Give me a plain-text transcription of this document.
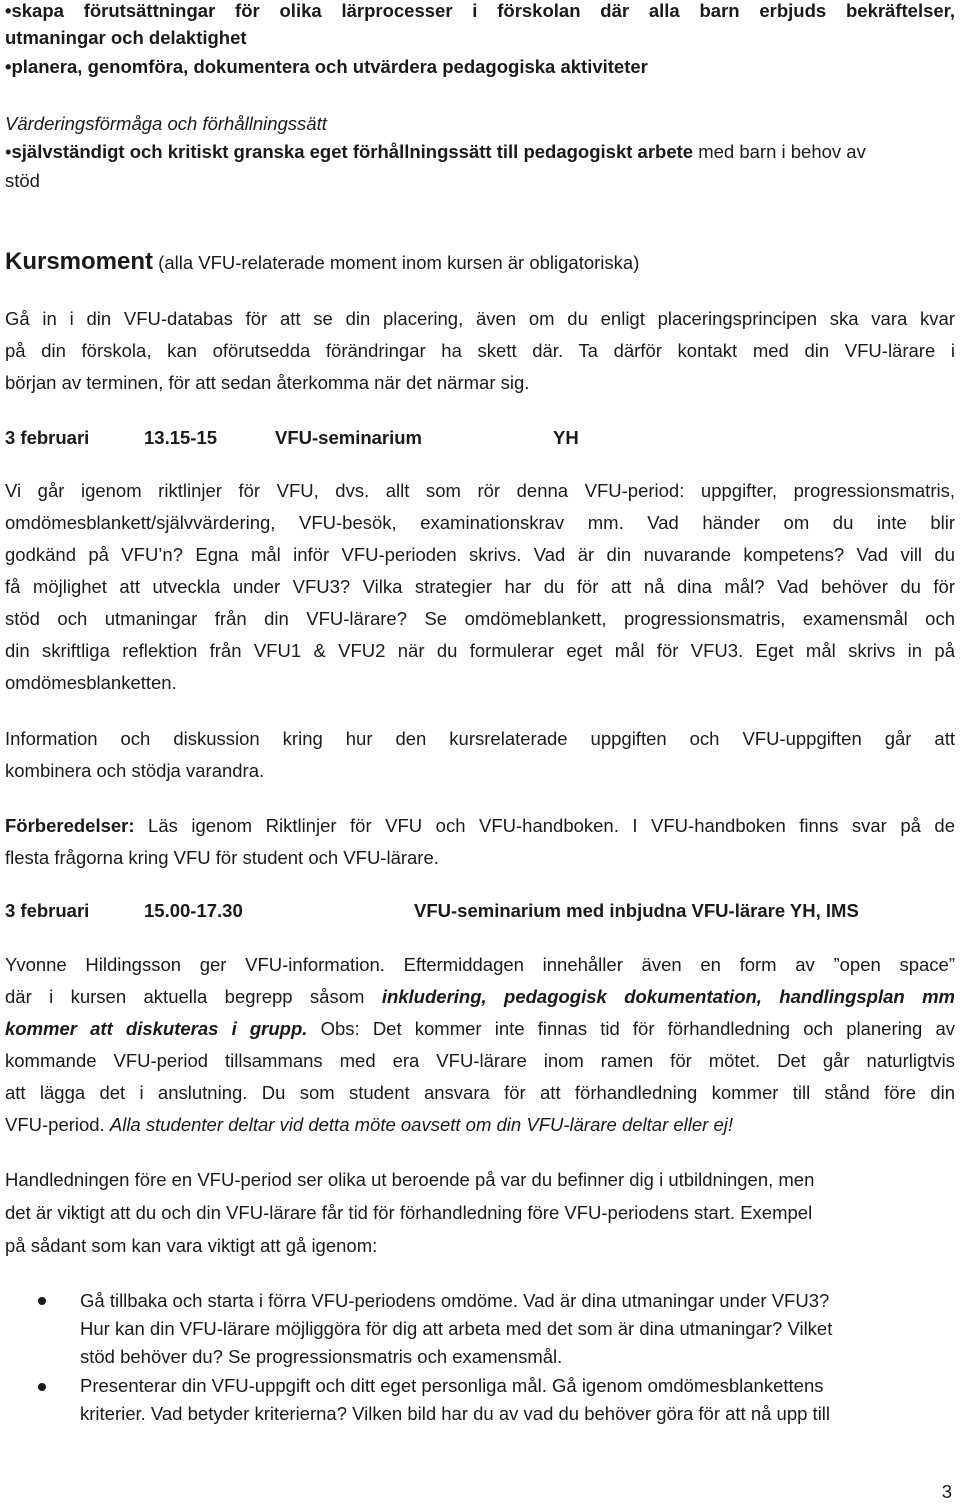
•skapa förutsättningar för olika lärprocesser i förskolan där alla barn erbjuds bekräftelser,
utmaningar och delaktighet
•planera, genomföra, dokumentera och utvärdera pedagogiska aktiviteter
Värderingsförmåga och förhållningssätt
•självständigt och kritiskt granska eget förhållningssätt till pedagogiskt arbete med barn i behov av
stöd
Kursmoment (alla VFU-relaterade moment inom kursen är obligatoriska)
Gå in i din VFU-databas för att se din placering, även om du enligt placeringsprincipen ska vara kvar
på din förskola, kan oförutsedda förändringar ha skett där. Ta därför kontakt med din VFU-lärare i
början av terminen, för att sedan återkomma när det närmar sig.
3 februari	13.15-15	VFU-seminarium	YH
Vi går igenom riktlinjer för VFU, dvs. allt som rör denna VFU-period: uppgifter, progressionsmatris,
omdömesblankett/självvärdering, VFU-besök, examinationskrav mm. Vad händer om du inte blir
godkänd på VFU’n? Egna mål inför VFU-perioden skrivs. Vad är din nuvarande kompetens? Vad vill du
få möjlighet att utveckla under VFU3? Vilka strategier har du för att nå dina mål? Vad behöver du för
stöd och utmaningar från din VFU-lärare? Se omdömeblankett, progressionsmatris, examensmål och
din skriftliga reflektion från VFU1 & VFU2 när du formulerar eget mål för VFU3. Eget mål skrivs in på
omdömesblanketten.
Information och diskussion kring hur den kursrelaterade uppgiften och VFU-uppgiften går att
kombinera och stödja varandra.
Förberedelser: Läs igenom Riktlinjer för VFU och VFU-handboken. I VFU-handboken finns svar på de
flesta frågorna kring VFU för student och VFU-lärare.
3 februari	15.00-17.30	VFU-seminarium med inbjudna VFU-lärare YH, IMS
Yvonne Hildingsson ger VFU-information. Eftermiddagen innehåller även en form av ”open space”
där i kursen aktuella begrepp såsom inkludering, pedagogisk dokumentation, handlingsplan mm
kommer att diskuteras i grupp. Obs: Det kommer inte finnas tid för förhandledning och planering av
kommande VFU-period tillsammans med era VFU-lärare inom ramen för mötet. Det går naturligtvis
att lägga det i anslutning. Du som student ansvara för att förhandledning kommer till stånd före din
VFU-period. Alla studenter deltar vid detta möte oavsett om din VFU-lärare deltar eller ej!
Handledningen före en VFU-period ser olika ut beroende på var du befinner dig i utbildningen, men
det är viktigt att du och din VFU-lärare får tid för förhandledning före VFU-periodens start. Exempel
på sådant som kan vara viktigt att gå igenom:
Gå tillbaka och starta i förra VFU-periodens omdöme. Vad är dina utmaningar under VFU3?
Hur kan din VFU-lärare möjliggöra för dig att arbeta med det som är dina utmaningar? Vilket
stöd behöver du? Se progressionsmatris och examensmål.
Presenterar din VFU-uppgift och ditt eget personliga mål. Gå igenom omdömesblankettens
kriterier. Vad betyder kriterierna? Vilken bild har du av vad du behöver göra för att nå upp till
3
